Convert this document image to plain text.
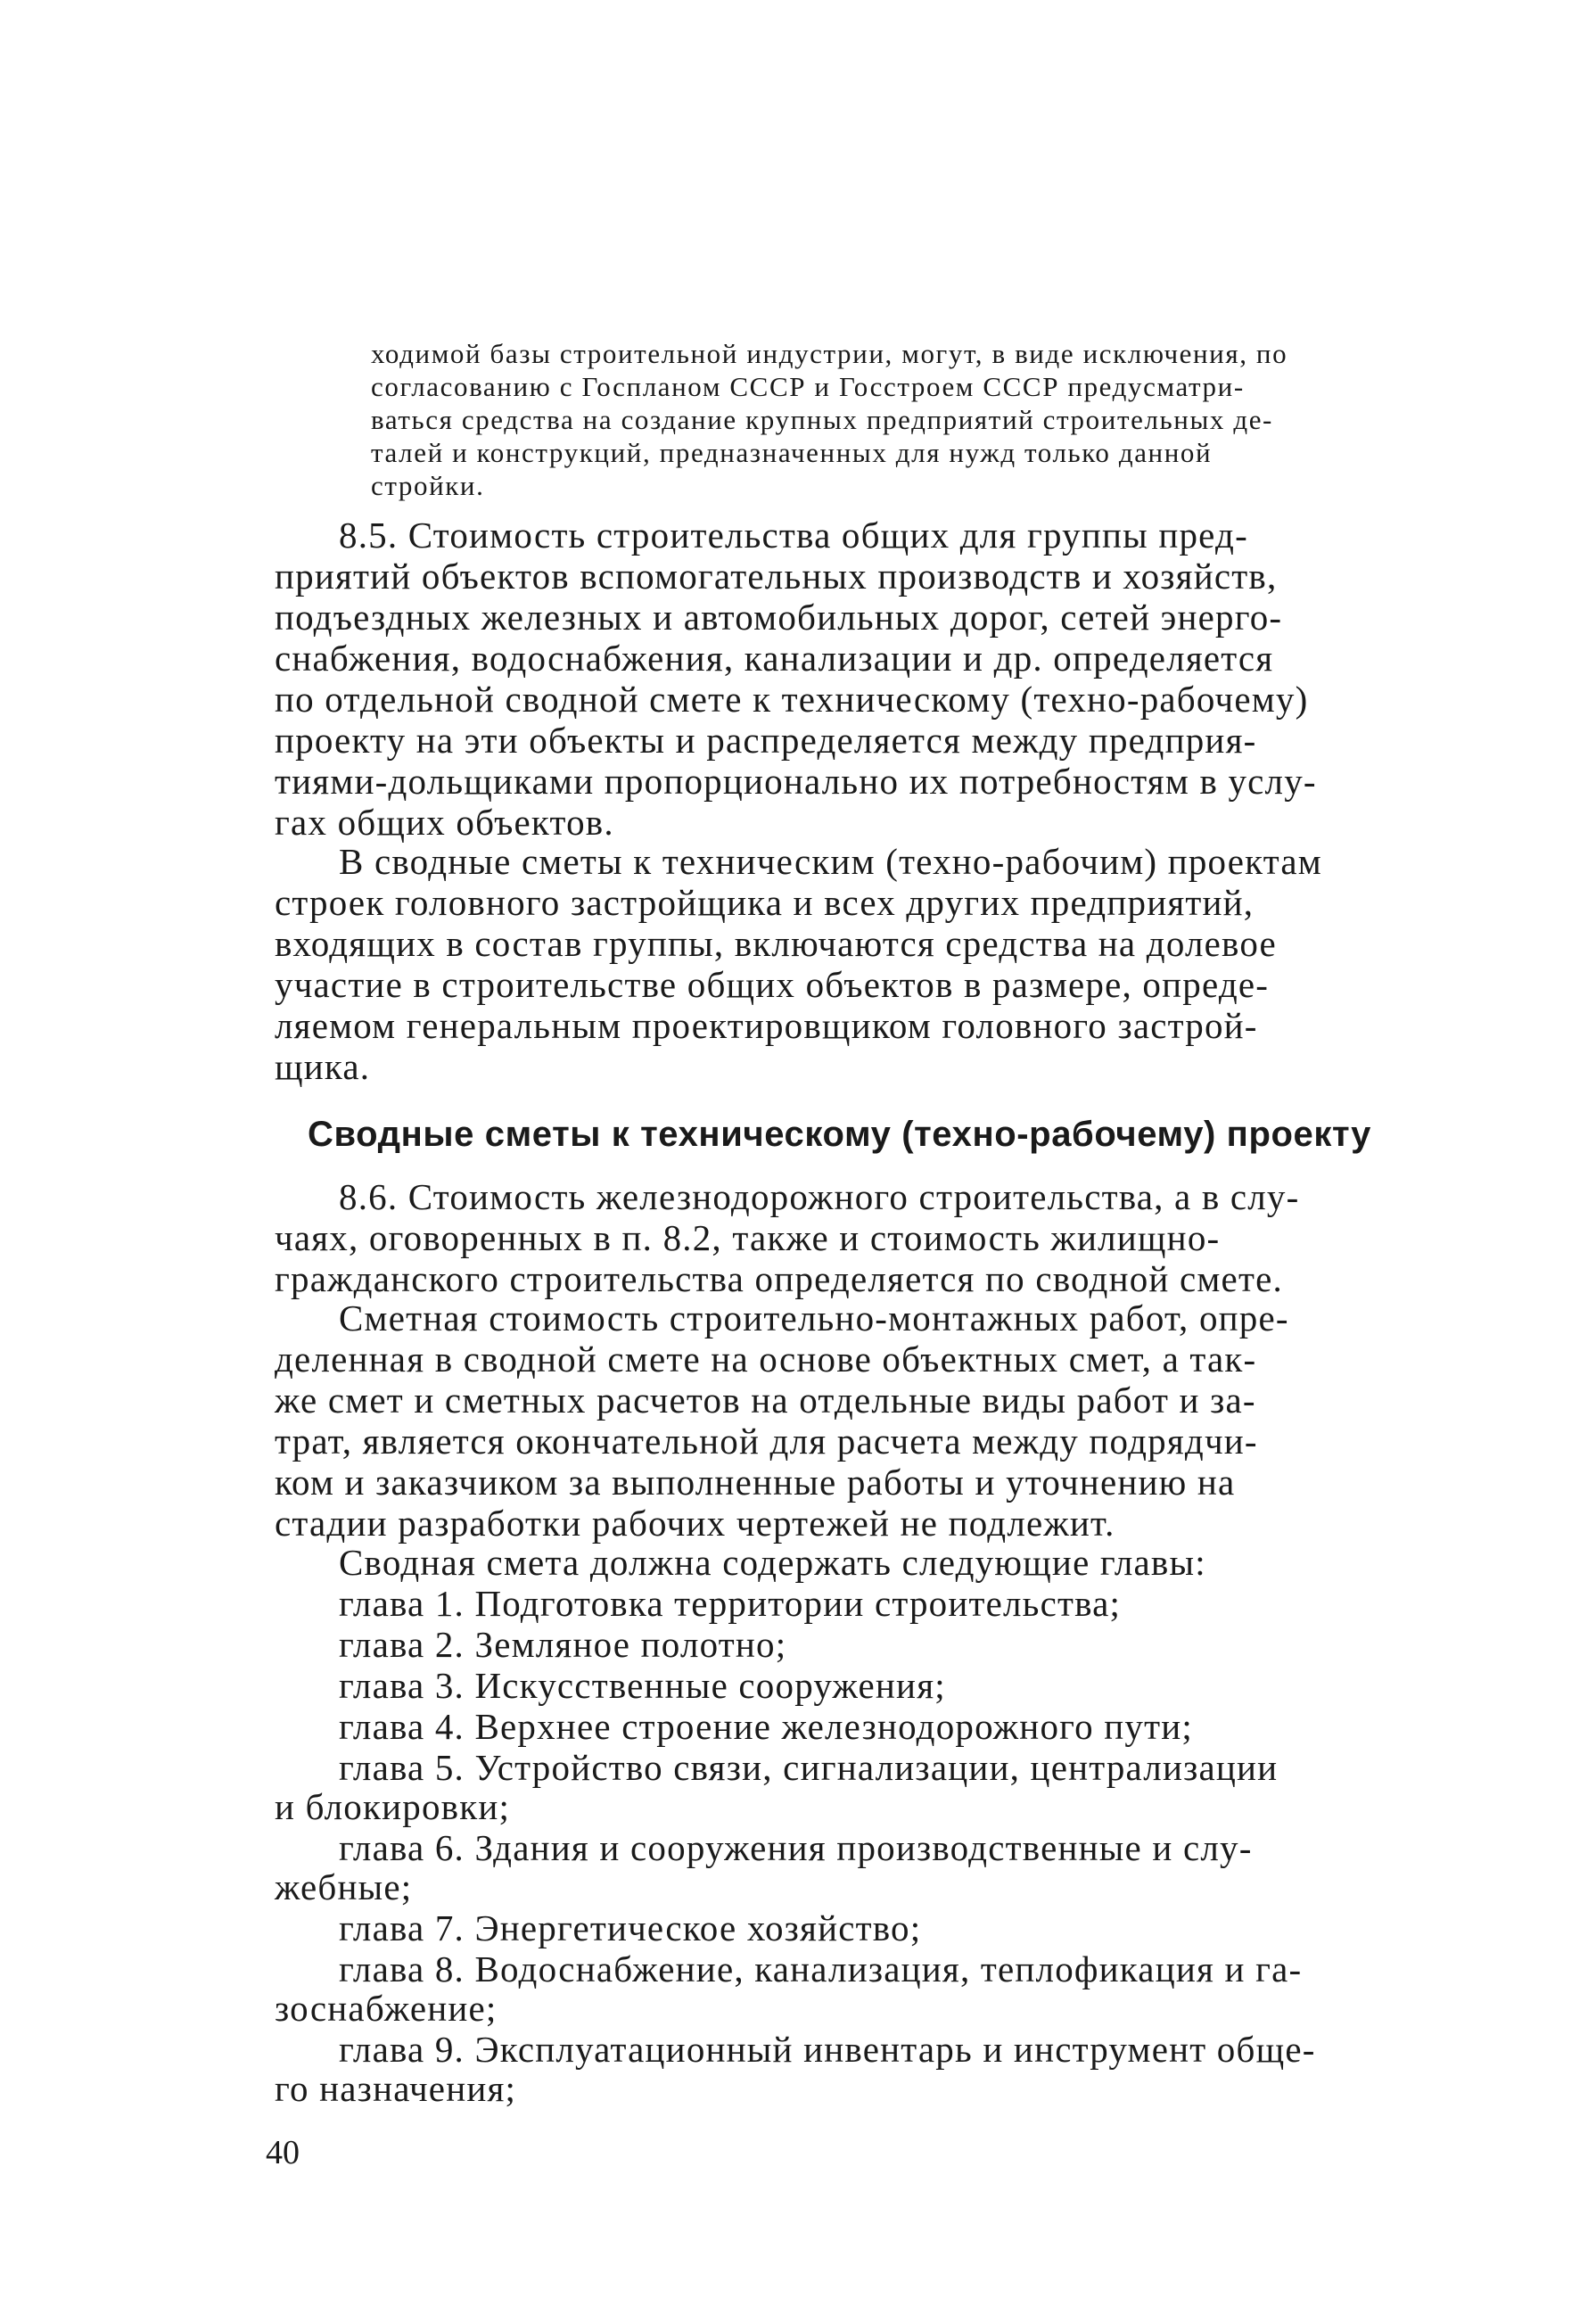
ходимой базы строительной индустрии, могут, в виде исключения, по

согласованию с Госпланом СССР и Госстроем СССР предусматри-

ваться средства на создание крупных предприятий строительных де-

талей и конструкций, предназначенных для нужд только данной

стройки.

8.5. Стоимость строительства общих для группы пред-

приятий объектов вспомогательных производств и хозяйств,

подъездных железных и автомобильных дорог, сетей энерго-

снабжения, водоснабжения, канализации и др. определяется

по отдельной сводной смете к техническому (техно-рабочему)

проекту на эти объекты и распределяется между предприя-

тиями-дольщиками пропорционально их потребностям в услу-

гах общих объектов.

В сводные сметы к техническим (техно-рабочим) проектам

строек головного застройщика и всех других предприятий,

входящих в состав группы, включаются средства на долевое

участие в строительстве общих объектов в размере, опреде-

ляемом генеральным проектировщиком головного застрой-

щика.

Сводные сметы к техническому (техно-рабочему) проекту

8.6. Стоимость железнодорожного строительства, а в слу-

чаях, оговоренных в п. 8.2, также и стоимость жилищно-

гражданского строительства определяется по сводной смете.

Сметная стоимость строительно-монтажных работ, опре-

деленная в сводной смете на основе объектных смет, а так-

же смет и сметных расчетов на отдельные виды работ и за-

трат, является окончательной для расчета между подрядчи-

ком и заказчиком за выполненные работы и уточнению на

стадии разработки рабочих чертежей не подлежит.

Сводная смета должна содержать следующие главы:

глава 1. Подготовка территории строительства;

глава 2. Земляное полотно;

глава 3. Искусственные сооружения;

глава 4. Верхнее строение железнодорожного пути;

глава 5. Устройство связи, сигнализации, централизации

и блокировки;

глава 6. Здания и сооружения производственные и слу-

жебные;

глава 7. Энергетическое хозяйство;

глава 8. Водоснабжение, канализация, теплофикация и га-

зоснабжение;

глава 9. Эксплуатационный инвентарь и инструмент обще-

го назначения;

40
